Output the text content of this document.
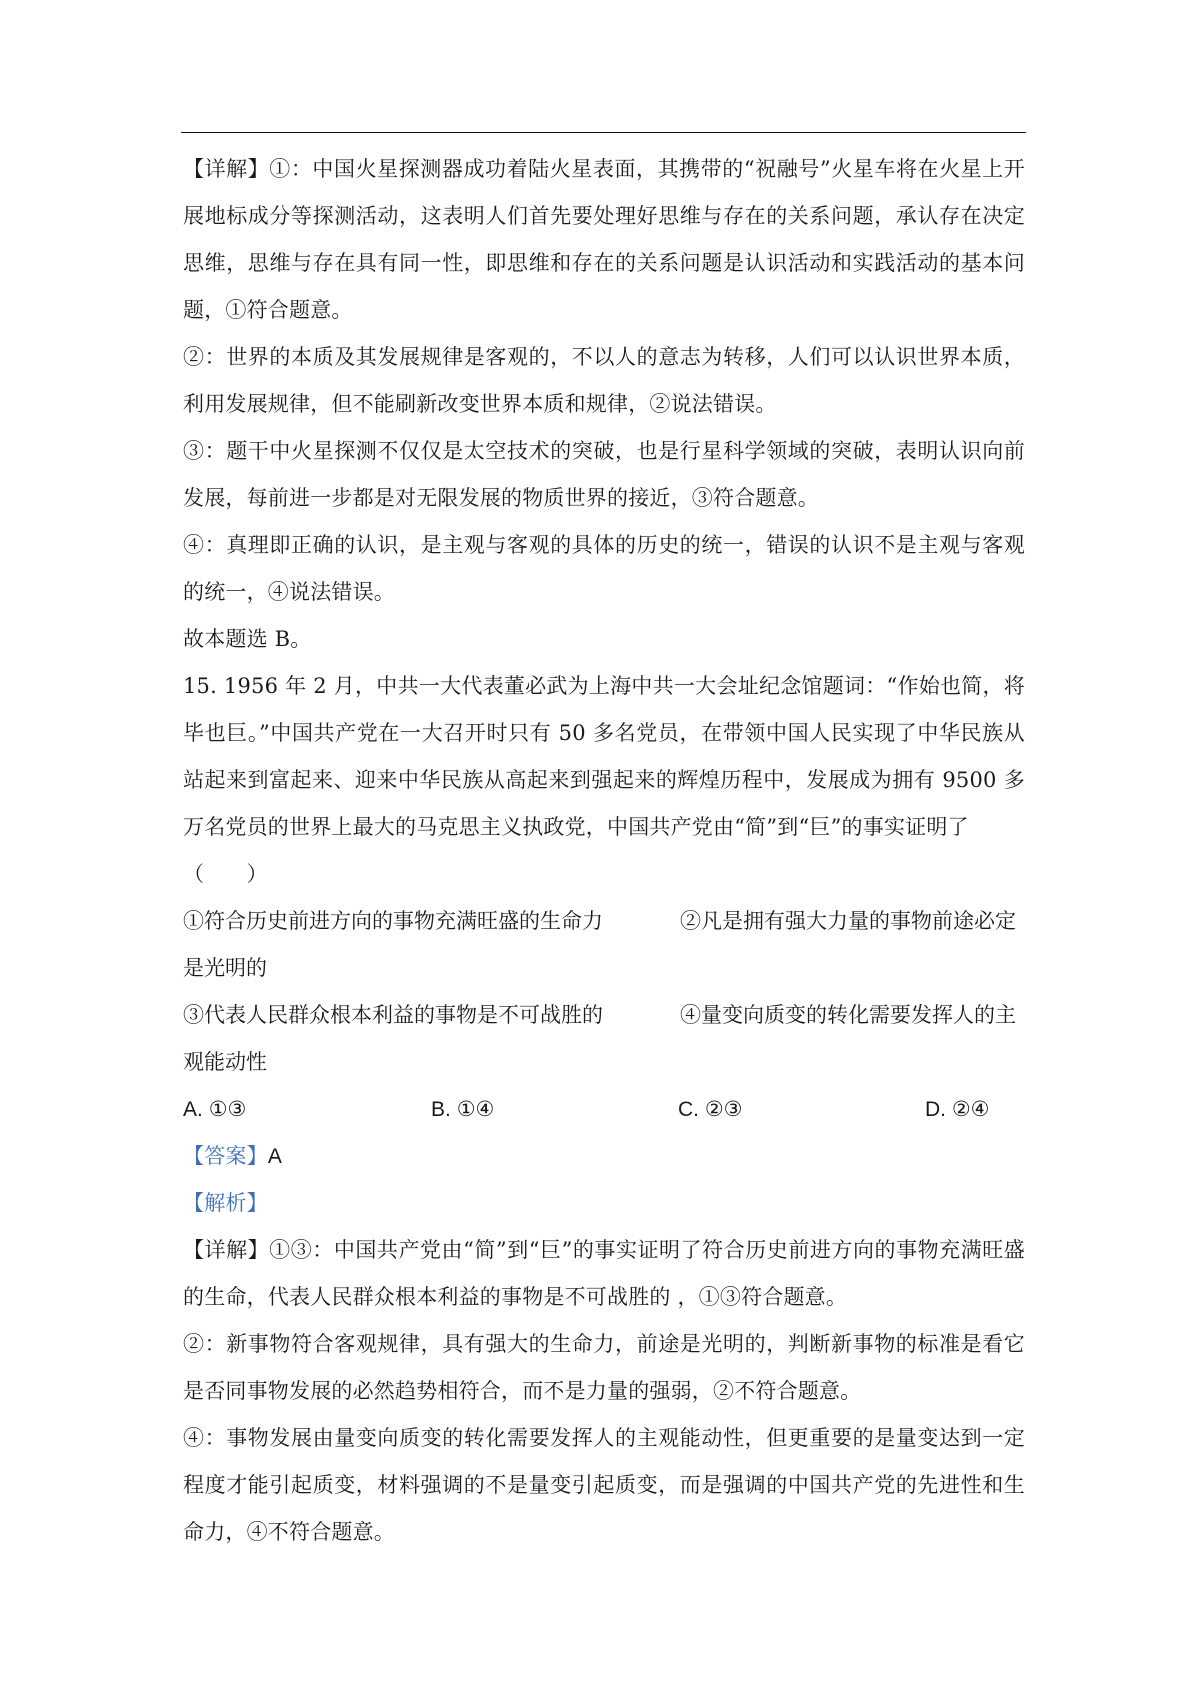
【详解】①：中国火星探测器成功着陆火星表面，其携带的“祝融号”火星车将在火星上开展地标成分等探测活动，这表明人们首先要处理好思维与存在的关系问题，承认存在决定思维，思维与存在具有同一性，即思维和存在的关系问题是认识活动和实践活动的基本问题，①符合题意。

②：世界的本质及其发展规律是客观的，不以人的意志为转移，人们可以认识世界本质，利用发展规律，但不能刷新改变世界本质和规律，②说法错误。

③：题干中火星探测不仅仅是太空技术的突破，也是行星科学领域的突破，表明认识向前发展，每前进一步都是对无限发展的物质世界的接近，③符合题意。

④：真理即正确的认识，是主观与客观的具体的历史的统一，错误的认识不是主观与客观的统一，④说法错误。

故本题选 B。

15. 1956 年 2 月，中共一大代表董必武为上海中共一大会址纪念馆题词：“作始也简，将毕也巨。”中国共产党在一大召开时只有 50 多名党员，在带领中国人民实现了中华民族从站起来到富起来、迎来中华民族从高起来到强起来的辉煌历程中，发展成为拥有 9500 多万名党员的世界上最大的马克思主义执政党，中国共产党由“简”到“巨”的事实证明了

（　　）

①符合历史前进方向的事物充满旺盛的生命力	②凡是拥有强大力量的事物前途必定

是光明的

③代表人民群众根本利益的事物是不可战胜的	④量变向质变的转化需要发挥人的主

观能动性

A. ①③	B. ①④	C. ②③	D. ②④

【答案】A

【解析】

【详解】①③：中国共产党由“简”到“巨”的事实证明了符合历史前进方向的事物充满旺盛的生命，代表人民群众根本利益的事物是不可战胜的 ，①③符合题意。

②：新事物符合客观规律，具有强大的生命力，前途是光明的，判断新事物的标准是看它是否同事物发展的必然趋势相符合，而不是力量的强弱，②不符合题意。

④：事物发展由量变向质变的转化需要发挥人的主观能动性，但更重要的是量变达到一定程度才能引起质变，材料强调的不是量变引起质变，而是强调的中国共产党的先进性和生命力，④不符合题意。
